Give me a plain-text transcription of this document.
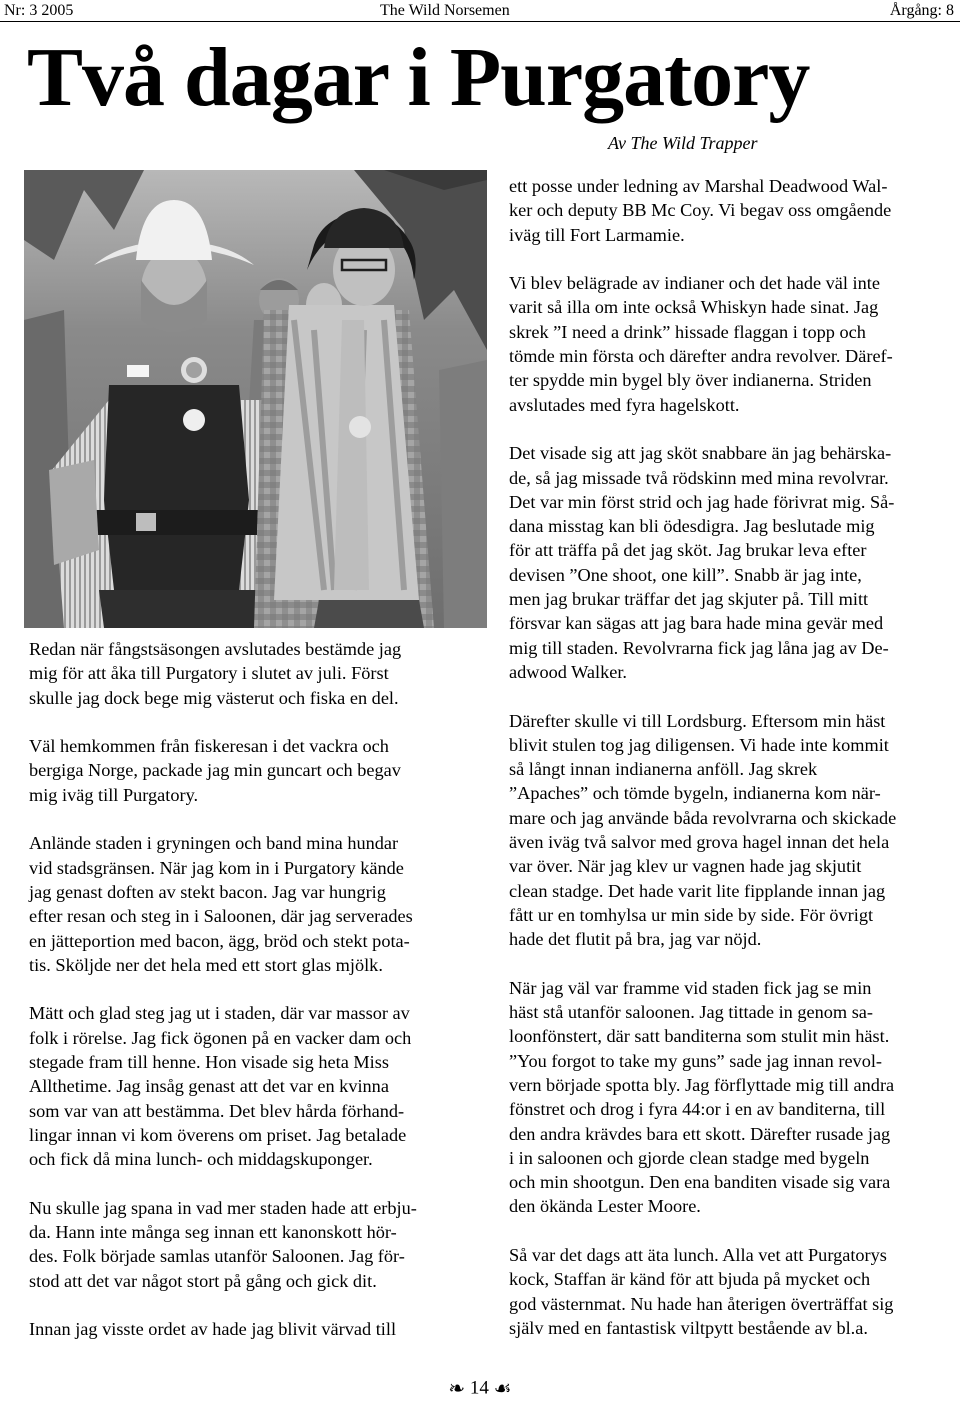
Nr: 3 2005	The Wild Norsemen	Årgång: 8
Två dagar i Purgatory
Av The Wild Trapper

Redan när fångstsäsongen avslutades bestämde jag
mig för att åka till Purgatory i slutet av juli. Först
skulle jag dock bege mig västerut och fiska en del.

Väl hemkommen från fiskeresan i det vackra och
bergiga Norge, packade jag min guncart och begav
mig iväg till Purgatory.

Anlände staden i gryningen och band mina hundar
vid stadsgränsen. När jag kom in i Purgatory kände
jag genast doften av stekt bacon. Jag var hungrig
efter resan och steg in i Saloonen, där jag serverades
en jätteportion med bacon, ägg, bröd och stekt pota-
tis. Sköljde ner det hela med ett stort glas mjölk.

Mätt och glad steg jag ut i staden, där var massor av
folk i rörelse. Jag fick ögonen på en vacker dam och
stegade fram till henne. Hon visade sig heta Miss
Allthetime. Jag insåg genast att det var en kvinna
som var van att bestämma. Det blev hårda förhand-
lingar innan vi kom överens om priset. Jag betalade
och fick då mina lunch- och middagskuponger.

Nu skulle jag spana in vad mer staden hade att erbju-
da. Hann inte många seg innan ett kanonskott hör-
des. Folk började samlas utanför Saloonen. Jag för-
stod att det var något stort på gång och gick dit.

Innan jag visste ordet av hade jag blivit värvad till

ett posse under ledning av Marshal Deadwood Wal-
ker och deputy BB Mc Coy. Vi begav oss omgående
iväg till Fort Larmamie.

Vi blev belägrade av indianer och det hade väl inte
varit så illa om inte också Whiskyn hade sinat. Jag
skrek ”I need a drink” hissade flaggan i topp och
tömde min första och därefter andra revolver. Däref-
ter spydde min bygel bly över indianerna. Striden
avslutades med fyra hagelskott.

Det visade sig att jag sköt snabbare än jag behärska-
de, så jag missade två rödskinn med mina revolvrar.
Det var min först strid och jag hade förivrat mig. Så-
dana misstag kan bli ödesdigra. Jag beslutade mig
för att träffa på det jag sköt. Jag brukar leva efter
devisen ”One shoot, one kill”. Snabb är jag inte,
men jag brukar träffar det jag skjuter på. Till mitt
försvar kan sägas att jag bara hade mina gevär med
mig till staden. Revolvrarna fick jag låna jag av De-
adwood Walker.

Därefter skulle vi till Lordsburg. Eftersom min häst
blivit stulen tog jag diligensen. Vi hade inte kommit
så långt innan indianerna anföll. Jag skrek
”Apaches” och tömde bygeln, indianerna kom när-
mare och jag använde båda revolvrarna och skickade
även iväg två salvor med grova hagel innan det hela
var över. När jag klev ur vagnen hade jag skjutit
clean stadge. Det hade varit lite fipplande innan jag
fått ur en tomhylsa ur min side by side. För övrigt
hade det flutit på bra, jag var nöjd.

När jag väl var framme vid staden fick jag se min
häst stå utanför saloonen. Jag tittade in genom sa-
loonfönstert, där satt banditerna som stulit min häst.
”You forgot to take my guns” sade jag innan revol-
vern började spotta bly. Jag förflyttade mig till andra
fönstret och drog i fyra 44:or i en av banditerna, till
den andra krävdes bara ett skott. Därefter rusade jag
i in saloonen och gjorde clean stadge med bygeln
och min shootgun. Den ena banditen visade sig vara
den ökända Lester Moore.

Så var det dags att äta lunch. Alla vet att Purgatorys
kock, Staffan är känd för att bjuda på mycket och
god västernmat. Nu hade han återigen överträffat sig
själv med en fantastisk viltpytt bestående av bl.a.

❧ 14 ☙
